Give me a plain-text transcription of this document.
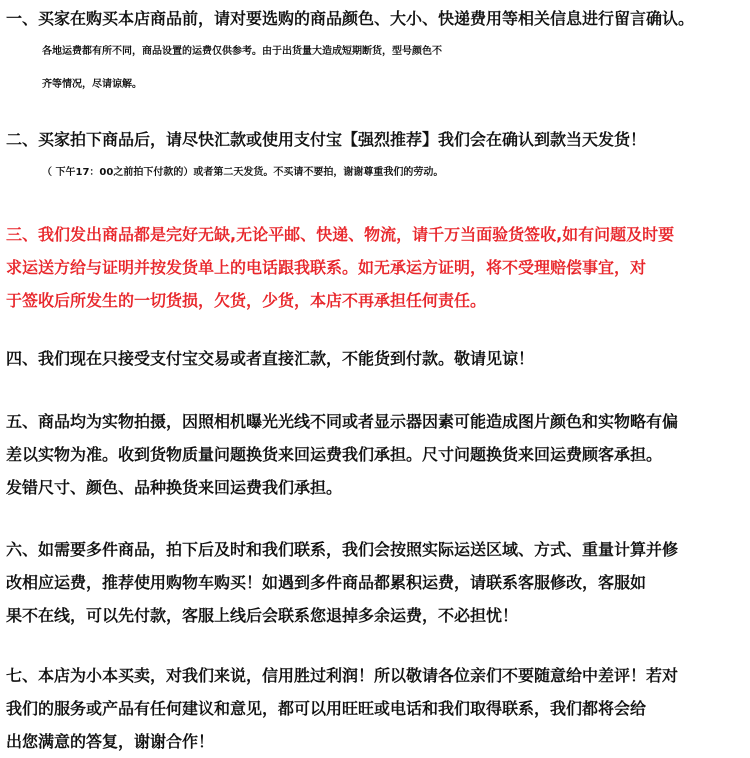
一、买家在购买本店商品前，请对要选购的商品颜色、大小、快递费用等相关信息进行留言确认。
各地运费都有所不同，商品设置的运费仅供参考。由于出货量大造成短期断货，型号颜色不
齐等情况，尽请谅解。
二、买家拍下商品后，请尽快汇款或使用支付宝【强烈推荐】我们会在确认到款当天发货！
（ 下午17：00之前拍下付款的）或者第二天发货。不买请不要拍，谢谢尊重我们的劳动。
三、我们发出商品都是完好无缺,无论平邮、快递、物流，请千万当面验货签收,如有问题及时要
求运送方给与证明并按发货单上的电话跟我联系。如无承运方证明，将不受理赔偿事宜，对
于签收后所发生的一切货损，欠货，少货，本店不再承担任何责任。
四、我们现在只接受支付宝交易或者直接汇款，不能货到付款。敬请见谅！
五、商品均为实物拍摄，因照相机曝光光线不同或者显示器因素可能造成图片颜色和实物略有偏
差以实物为准。收到货物质量问题换货来回运费我们承担。尺寸问题换货来回运费顾客承担。
发错尺寸、颜色、品种换货来回运费我们承担。
六、如需要多件商品，拍下后及时和我们联系，我们会按照实际运送区域、方式、重量计算并修
改相应运费，推荐使用购物车购买！如遇到多件商品都累积运费，请联系客服修改，客服如
果不在线，可以先付款，客服上线后会联系您退掉多余运费，不必担忧！
七、本店为小本买卖，对我们来说，信用胜过利润！所以敬请各位亲们不要随意给中差评！若对
我们的服务或产品有任何建议和意见，都可以用旺旺或电话和我们取得联系，我们都将会给
出您满意的答复，谢谢合作！
